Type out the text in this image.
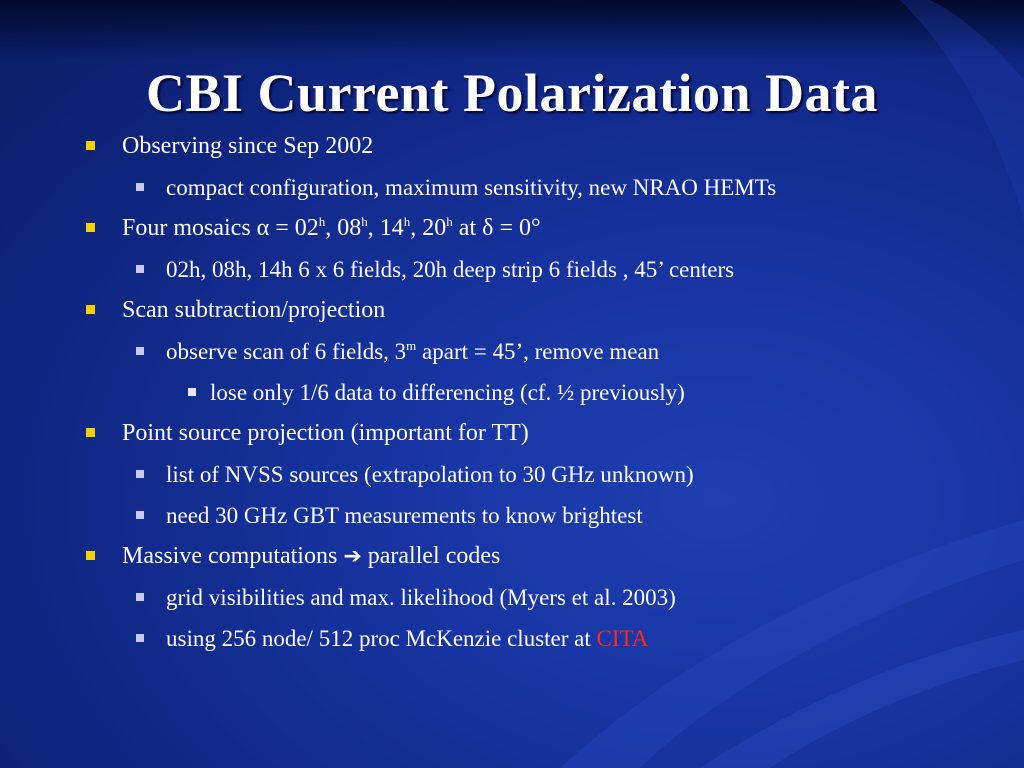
CBI Current Polarization Data
Observing since Sep 2002
compact configuration, maximum sensitivity, new NRAO HEMTs
Four mosaics $\alpha = 02^h$, 08$^h$, 14$^h$, 20$^h$ at δ = 0°
02h, 08h, 14h 6 x 6 fields, 20h deep strip 6 fields , 45’ centers
Scan subtraction/projection
observe scan of 6 fields, 3$^m$ apart = 45’, remove mean
lose only 1/6 data to differencing (cf. ½ previously)
Point source projection (important for TT)
list of NVSS sources (extrapolation to 30 GHz unknown)
need 30 GHz GBT measurements to know brightest
Massive computations ➔ parallel codes
grid visibilities and max. likelihood (Myers et al. 2003)
using 256 node/ 512 proc McKenzie cluster at CITA
